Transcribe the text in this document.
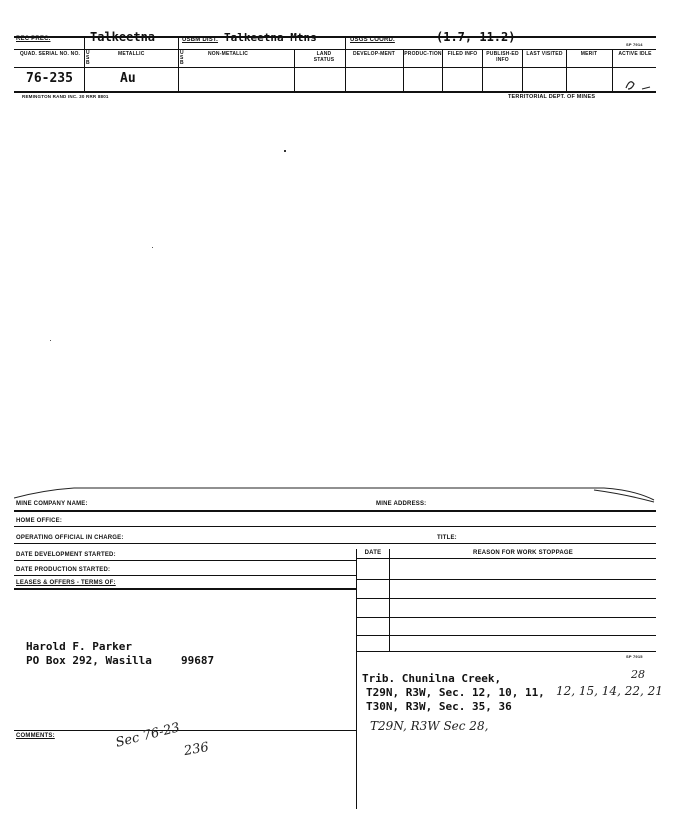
REC PREC.	Talkeetna	USBM DIST. Talkeetna Mtns	USGS COORD.	(1.7, 11.2)
SP 7914
QUAD. SERIAL NO. NO.	U S B
METALLIC	U S B
NON-METALLIC	LAND STATUS
DEVELOP-MENT	PRODUC-TION	FILED INFO	PUBLISH-ED INFO
LAST VISITED	MERIT	ACTIVE IDLE
76-235	Au
REMINGTON RAND INC. 30 RRR 8801	TERRITORIAL DEPT. OF MINES
MINE COMPANY NAME:	MINE ADDRESS:
HOME OFFICE:
OPERATING OFFICIAL IN CHARGE:	TITLE:
DATE DEVELOPMENT STARTED:
DATE PRODUCTION STARTED:
LEASES & OFFERS - TERMS OF:
DATE	REASON FOR WORK STOPPAGE
Harold F. Parker
PO Box 292, Wasilla	99687	SP 7915
Trib. Chunilna Creek,
T29N, R3W, Sec. 12, 10, 11, 12, 15, 14, 22, 21
28
T30N, R3W, Sec. 35, 36
T29N, R3W Sec 28,
COMMENTS:	Sec 76-23 236
